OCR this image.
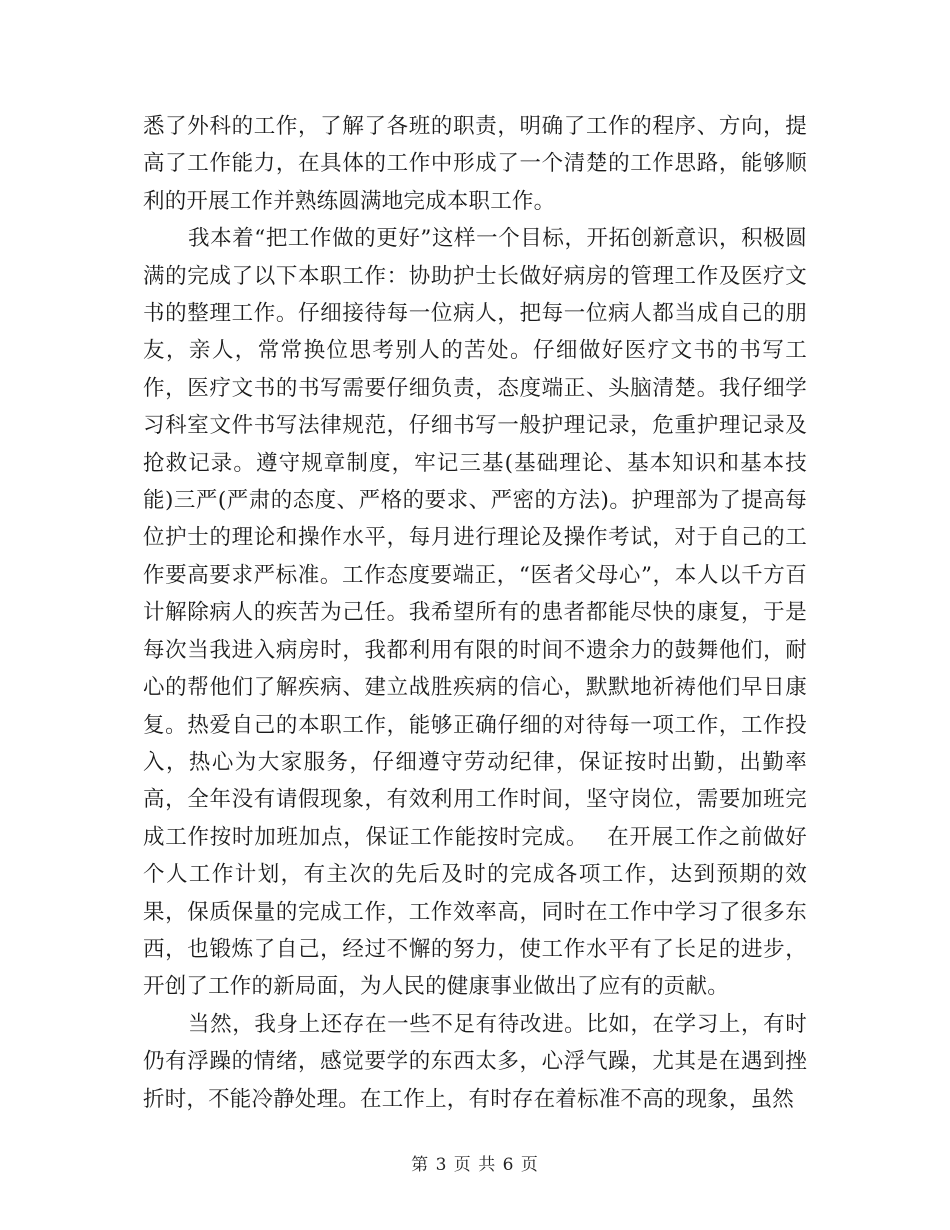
悉了外科的工作，了解了各班的职责，明确了工作的程序、方向，提高了工作能力，在具体的工作中形成了一个清楚的工作思路，能够顺利的开展工作并熟练圆满地完成本职工作。

我本着“把工作做的更好”这样一个目标，开拓创新意识，积极圆满的完成了以下本职工作：协助护士长做好病房的管理工作及医疗文书的整理工作。仔细接待每一位病人，把每一位病人都当成自己的朋友，亲人，常常换位思考别人的苦处。仔细做好医疗文书的书写工作，医疗文书的书写需要仔细负责，态度端正、头脑清楚。我仔细学习科室文件书写法律规范，仔细书写一般护理记录，危重护理记录及抢救记录。遵守规章制度，牢记三基(基础理论、基本知识和基本技能)三严(严肃的态度、严格的要求、严密的方法)。护理部为了提高每位护士的理论和操作水平，每月进行理论及操作考试，对于自己的工作要高要求严标准。工作态度要端正，“医者父母心”，本人以千方百计解除病人的疾苦为己任。我希望所有的患者都能尽快的康复，于是每次当我进入病房时，我都利用有限的时间不遗余力的鼓舞他们，耐心的帮他们了解疾病、建立战胜疾病的信心，默默地祈祷他们早日康复。热爱自己的本职工作，能够正确仔细的对待每一项工作，工作投入，热心为大家服务，仔细遵守劳动纪律，保证按时出勤，出勤率高，全年没有请假现象，有效利用工作时间，坚守岗位，需要加班完成工作按时加班加点，保证工作能按时完成。　 在开展工作之前做好个人工作计划，有主次的先后及时的完成各项工作，达到预期的效果，保质保量的完成工作，工作效率高，同时在工作中学习了很多东西，也锻炼了自己，经过不懈的努力，使工作水平有了长足的进步，开创了工作的新局面，为人民的健康事业做出了应有的贡献。

当然，我身上还存在一些不足有待改进。比如，在学习上，有时仍有浮躁的情绪，感觉要学的东西太多，心浮气躁，尤其是在遇到挫折时，不能冷静处理。在工作上，有时存在着标准不高的现象，虽然

第 3 页 共 6 页
